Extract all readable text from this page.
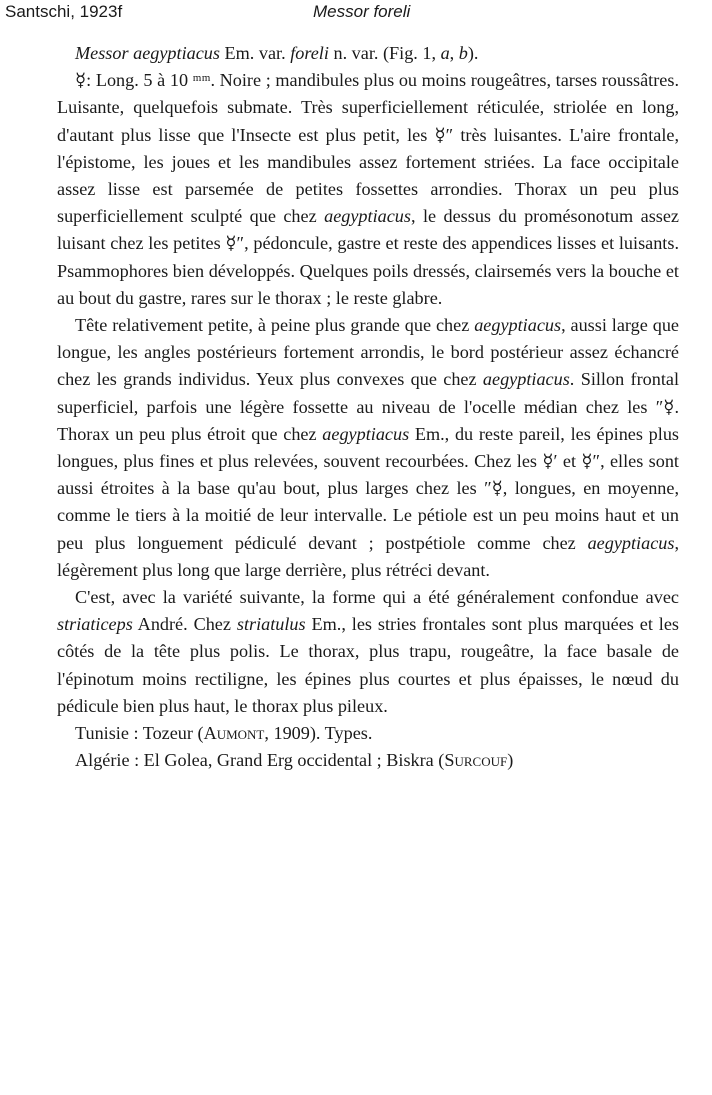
Santschi, 1923f	Messor foreli

Messor aegyptiacus Em. var. foreli n. var. (Fig. 1, a, b).

☿: Long. 5 à 10 ᵐᵐ. Noire ; mandibules plus ou moins rougeâtres, tarses roussâtres. Luisante, quelquefois submate. Très superficiellement réticulée, striolée en long, d'autant plus lisse que l'Insecte est plus petit, les ☿″ très luisantes. L'aire frontale, l'épistome, les joues et les mandibules assez fortement striées. La face occipitale assez lisse est parsemée de petites fossettes arrondies. Thorax un peu plus superficiellement sculpté que chez aegyptiacus, le dessus du promésonotum assez luisant chez les petites ☿″, pédoncule, gastre et reste des appendices lisses et luisants. Psammophores bien développés. Quelques poils dressés, clairsemés vers la bouche et au bout du gastre, rares sur le thorax ; le reste glabre.

Tête relativement petite, à peine plus grande que chez aegyptiacus, aussi large que longue, les angles postérieurs fortement arrondis, le bord postérieur assez échancré chez les grands individus. Yeux plus convexes que chez aegyptiacus. Sillon frontal superficiel, parfois une légère fossette au niveau de l'ocelle médian chez les ″☿. Thorax un peu plus étroit que chez aegyptiacus Em., du reste pareil, les épines plus longues, plus fines et plus relevées, souvent recourbées. Chez les ☿′ et ☿″, elles sont aussi étroites à la base qu'au bout, plus larges chez les ″☿, longues, en moyenne, comme le tiers à la moitié de leur intervalle. Le pétiole est un peu moins haut et un peu plus longuement pédiculé devant ; postpétiole comme chez aegyptiacus, légèrement plus long que large derrière, plus rétréci devant.

C'est, avec la variété suivante, la forme qui a été généralement confondue avec striaticeps André. Chez striatulus Em., les stries frontales sont plus marquées et les côtés de la tête plus polis. Le thorax, plus trapu, rougeâtre, la face basale de l'épinotum moins rectiligne, les épines plus courtes et plus épaisses, le nœud du pédicule bien plus haut, le thorax plus pileux.

Tunisie : Tozeur (Aumont, 1909). Types.

Algérie : El Golea, Grand Erg occidental ; Biskra (Surcouf)
